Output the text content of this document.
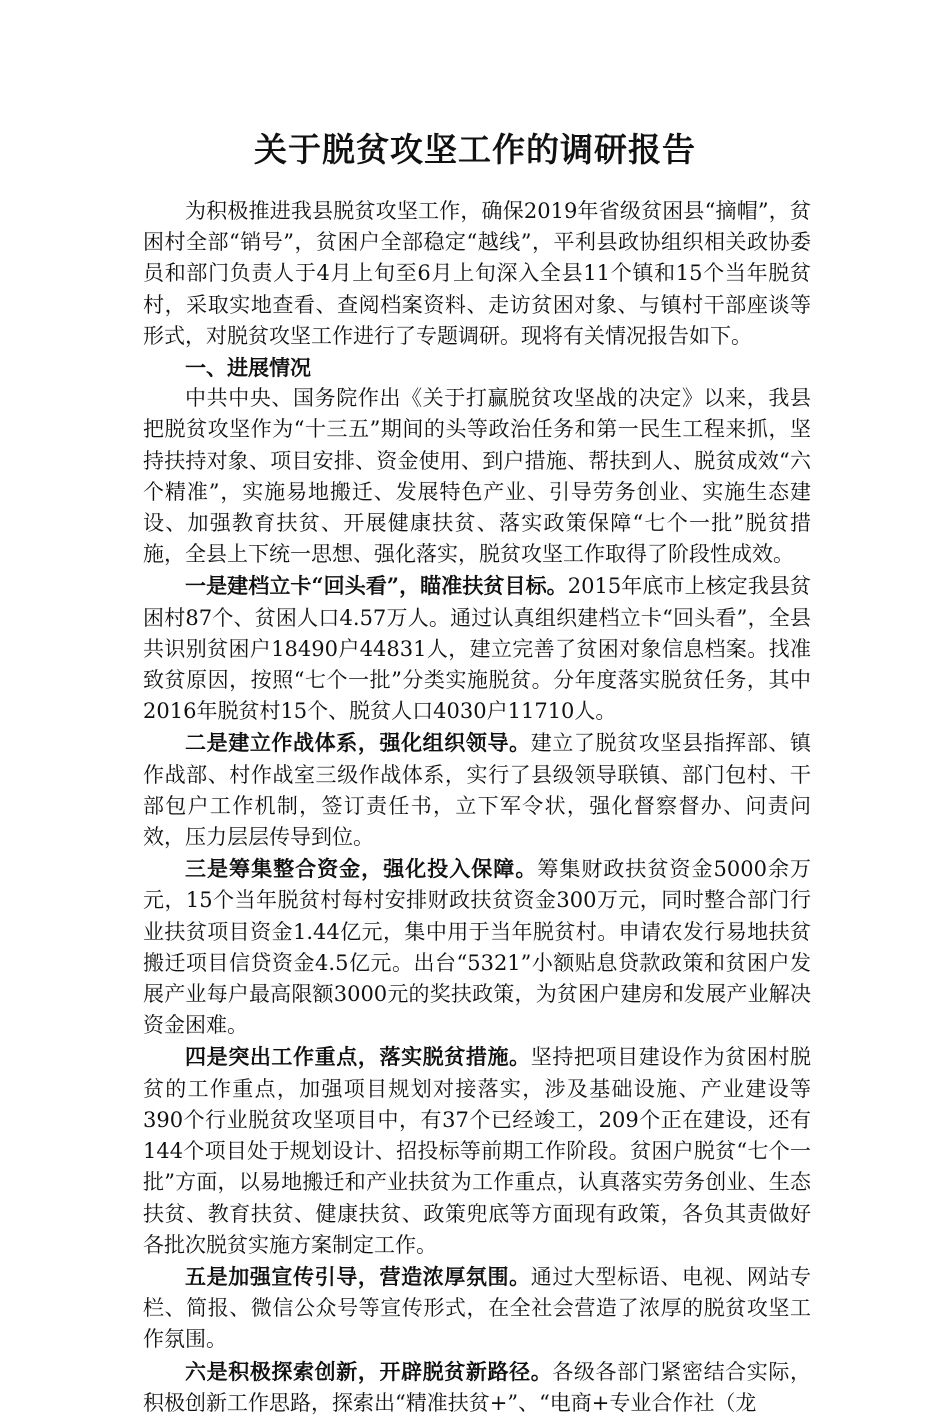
关于脱贫攻坚工作的调研报告

为积极推进我县脱贫攻坚工作，确保2019年省级贫困县“摘帽”，贫困村全部“销号”，贫困户全部稳定“越线”，平利县政协组织相关政协委员和部门负责人于4月上旬至6月上旬深入全县11个镇和15个当年脱贫村，采取实地查看、查阅档案资料、走访贫困对象、与镇村干部座谈等形式，对脱贫攻坚工作进行了专题调研。现将有关情况报告如下。

一、进展情况

中共中央、国务院作出《关于打赢脱贫攻坚战的决定》以来，我县把脱贫攻坚作为“十三五”期间的头等政治任务和第一民生工程来抓，坚持扶持对象、项目安排、资金使用、到户措施、帮扶到人、脱贫成效“六个精准”，实施易地搬迁、发展特色产业、引导劳务创业、实施生态建设、加强教育扶贫、开展健康扶贫、落实政策保障“七个一批”脱贫措施，全县上下统一思想、强化落实，脱贫攻坚工作取得了阶段性成效。

一是建档立卡“回头看”，瞄准扶贫目标。2015年底市上核定我县贫困村87个、贫困人口4.57万人。通过认真组织建档立卡“回头看”，全县共识别贫困户18490户44831人，建立完善了贫困对象信息档案。找准致贫原因，按照“七个一批”分类实施脱贫。分年度落实脱贫任务，其中2016年脱贫村15个、脱贫人口4030户11710人。

二是建立作战体系，强化组织领导。建立了脱贫攻坚县指挥部、镇作战部、村作战室三级作战体系，实行了县级领导联镇、部门包村、干部包户工作机制，签订责任书，立下军令状，强化督察督办、问责问效，压力层层传导到位。

三是筹集整合资金，强化投入保障。筹集财政扶贫资金5000余万元，15个当年脱贫村每村安排财政扶贫资金300万元，同时整合部门行业扶贫项目资金1.44亿元，集中用于当年脱贫村。申请农发行易地扶贫搬迁项目信贷资金4.5亿元。出台“5321”小额贴息贷款政策和贫困户发展产业每户最高限额3000元的奖扶政策，为贫困户建房和发展产业解决资金困难。

四是突出工作重点，落实脱贫措施。坚持把项目建设作为贫困村脱贫的工作重点，加强项目规划对接落实，涉及基础设施、产业建设等390个行业脱贫攻坚项目中，有37个已经竣工，209个正在建设，还有144个项目处于规划设计、招投标等前期工作阶段。贫困户脱贫“七个一批”方面，以易地搬迁和产业扶贫为工作重点，认真落实劳务创业、生态扶贫、教育扶贫、健康扶贫、政策兜底等方面现有政策，各负其责做好各批次脱贫实施方案制定工作。

五是加强宣传引导，营造浓厚氛围。通过大型标语、电视、网站专栏、简报、微信公众号等宣传形式，在全社会营造了浓厚的脱贫攻坚工作氛围。

六是积极探索创新，开辟脱贫新路径。各级各部门紧密结合实际，积极创新工作思路，探索出“精准扶贫+”、“电商+专业合作社（龙
